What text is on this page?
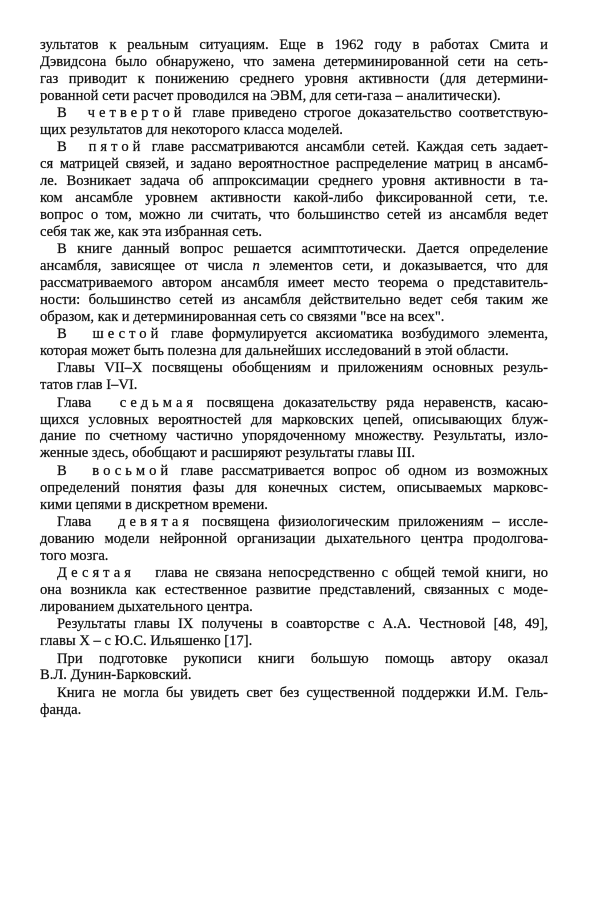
зультатов к реальным ситуациям. Еще в 1962 году в работах Смита и
Дэвидсона было обнаружено, что замена детерминированной сети на сеть-
газ приводит к понижению среднего уровня активности (для детермини-
рованной сети расчет проводился на ЭВМ, для сети-газа – аналитически).
В четвертой главе приведено строгое доказательство соответствую-
щих результатов для некоторого класса моделей.
В пятой главе рассматриваются ансамбли сетей. Каждая сеть задает-
ся матрицей связей, и задано вероятностное распределение матриц в ансамб-
ле. Возникает задача об аппроксимации среднего уровня активности в та-
ком ансамбле уровнем активности какой-либо фиксированной сети, т.е.
вопрос о том, можно ли считать, что большинство сетей из ансамбля ведет
себя так же, как эта избранная сеть.
В книге данный вопрос решается асимптотически. Дается определение
ансамбля, зависящее от числа n элементов сети, и доказывается, что для
рассматриваемого автором ансамбля имеет место теорема о представитель-
ности: большинство сетей из ансамбля действительно ведет себя таким же
образом, как и детерминированная сеть со связями "все на всех".
В шестой главе формулируется аксиоматика возбудимого элемента,
которая может быть полезна для дальнейших исследований в этой области.
Главы VII–X посвящены обобщениям и приложениям основных резуль-
татов глав I–VI.
Глава седьмая посвящена доказательству ряда неравенств, касаю-
щихся условных вероятностей для марковских цепей, описывающих блуж-
дание по счетному частично упорядоченному множеству. Результаты, изло-
женные здесь, обобщают и расширяют результаты главы III.
В восьмой главе рассматривается вопрос об одном из возможных
определений понятия фазы для конечных систем, описываемых марковс-
кими цепями в дискретном времени.
Глава девятая посвящена физиологическим приложениям – иссле-
дованию модели нейронной организации дыхательного центра продолгова-
того мозга.
Десятая глава не связана непосредственно с общей темой книги, но
она возникла как естественное развитие представлений, связанных с моде-
лированием дыхательного центра.
Результаты главы IX получены в соавторстве с А.А. Честновой [48, 49],
главы X – с Ю.С. Ильяшенко [17].
При подготовке рукописи книги большую помощь автору оказал
В.Л. Дунин-Барковский.
Книга не могла бы увидеть свет без существенной поддержки И.М. Гель-
фанда.
